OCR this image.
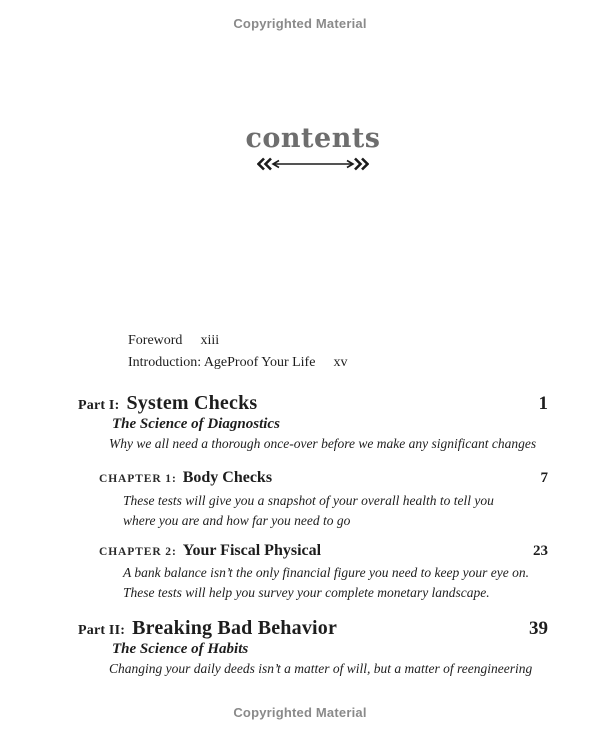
Copyrighted Material
contents
Foreword xiii
Introduction: AgeProof Your Life xv
Part I: System Checks	1
The Science of Diagnostics
Why we all need a thorough once-over before we make any significant changes
CHAPTER 1: Body Checks	7
These tests will give you a snapshot of your overall health to tell you
where you are and how far you need to go
CHAPTER 2: Your Fiscal Physical	23
A bank balance isn’t the only financial figure you need to keep your eye on.
These tests will help you survey your complete monetary landscape.
Part II: Breaking Bad Behavior	39
The Science of Habits
Changing your daily deeds isn’t a matter of will, but a matter of reengineering
Copyrighted Material
